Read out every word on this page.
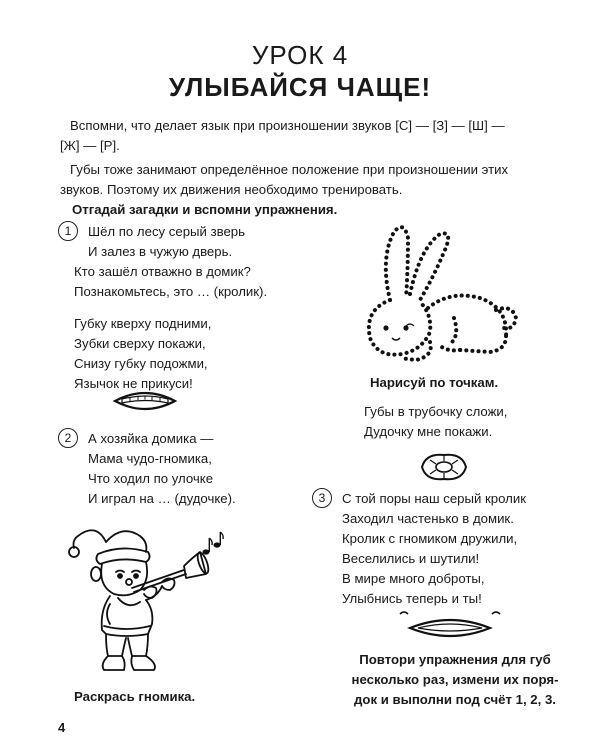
УРОК 4
УЛЫБАЙСЯ ЧАЩЕ!
Вспомни, что делает язык при произношении звуков [С] — [З] — [Ш] —
[Ж] — [Р].
Губы тоже занимают определённое положение при произношении этих
звуков. Поэтому их движения необходимо тренировать.
Отгадай загадки и вспомни упражнения.
1	Шёл по лесу серый зверь
И залез в чужую дверь.
Кто зашёл отважно в домик?
Познакомьтесь, это … (кролик).
Губку кверху подними,
Зубки сверху покажи,
Снизу губку подожми,
Язычок не прикуси!
2	А хозяйка домика —
Мама чудо-гномика,
Что ходил по улочке
И играл на … (дудочке).
Раскрась гномика.
4
Нарисуй по точкам.
Губы в трубочку сложи,
Дудочку мне покажи.
3	С той поры наш серый кролик
Заходил частенько в домик.
Кролик с гномиком дружили,
Веселились и шутили!
В мире много доброты,
Улыбнись теперь и ты!
Повтори упражнения для губ
несколько раз, измени их поря-
док и выполни под счёт 1, 2, 3.
